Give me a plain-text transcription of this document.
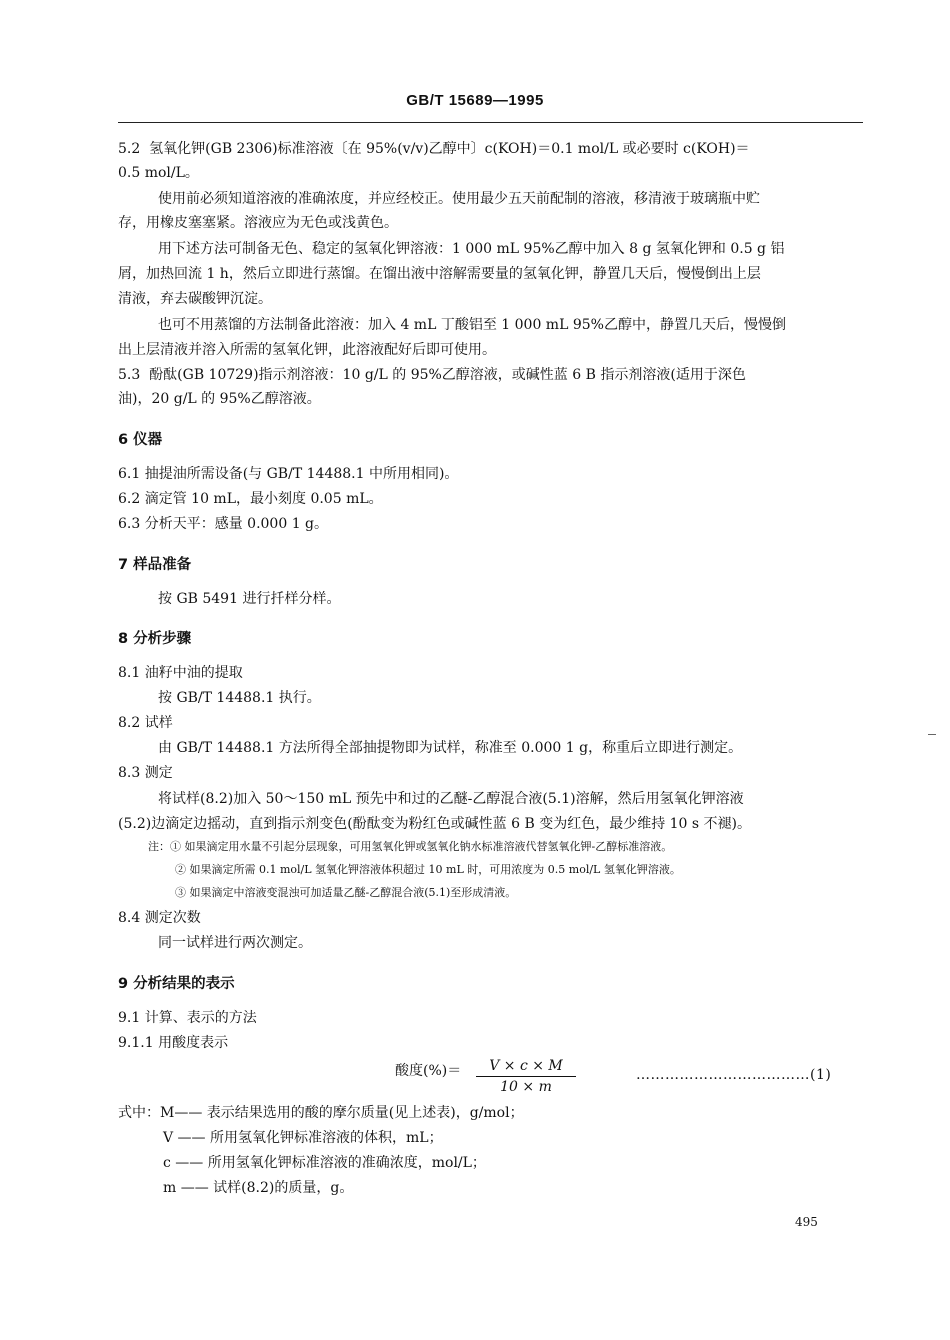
GB/T 15689—1995
5.2 氢氧化钾(GB 2306)标准溶液〔在 95%(v/v)乙醇中〕c(KOH)＝0.1 mol/L 或必要时 c(KOH)＝
0.5 mol/L。
使用前必须知道溶液的准确浓度，并应经校正。使用最少五天前配制的溶液，移清液于玻璃瓶中贮
存，用橡皮塞塞紧。溶液应为无色或浅黄色。
用下述方法可制备无色、稳定的氢氧化钾溶液：1 000 mL 95%乙醇中加入 8 g 氢氧化钾和 0.5 g 铝
屑，加热回流 1 h，然后立即进行蒸馏。在馏出液中溶解需要量的氢氧化钾，静置几天后，慢慢倒出上层
清液，弃去碳酸钾沉淀。
也可不用蒸馏的方法制备此溶液：加入 4 mL 丁酸铝至 1 000 mL 95%乙醇中，静置几天后，慢慢倒
出上层清液并溶入所需的氢氧化钾，此溶液配好后即可使用。
5.3 酚酞(GB 10729)指示剂溶液：10 g/L 的 95%乙醇溶液，或碱性蓝 6 B 指示剂溶液(适用于深色
油)，20 g/L 的 95%乙醇溶液。
6 仪器
6.1 抽提油所需设备(与 GB/T 14488.1 中所用相同)。
6.2 滴定管 10 mL，最小刻度 0.05 mL。
6.3 分析天平：感量 0.000 1 g。
7 样品准备
按 GB 5491 进行扦样分样。
8 分析步骤
8.1 油籽中油的提取
按 GB/T 14488.1 执行。
8.2 试样
由 GB/T 14488.1 方法所得全部抽提物即为试样，称准至 0.000 1 g，称重后立即进行测定。
8.3 测定
将试样(8.2)加入 50～150 mL 预先中和过的乙醚-乙醇混合液(5.1)溶解，然后用氢氧化钾溶液
(5.2)边滴定边摇动，直到指示剂变色(酚酞变为粉红色或碱性蓝 6 B 变为红色，最少维持 10 s 不褪)。
注：① 如果滴定用水量不引起分层现象，可用氢氧化钾或氢氧化钠水标准溶液代替氢氧化钾-乙醇标准溶液。
② 如果滴定所需 0.1 mol/L 氢氧化钾溶液体积超过 10 mL 时，可用浓度为 0.5 mol/L 氢氧化钾溶液。
③ 如果滴定中溶液变混浊可加适量乙醚-乙醇混合液(5.1)至形成清液。
8.4 测定次数
同一试样进行两次测定。
9 分析结果的表示
9.1 计算、表示的方法
9.1.1 用酸度表示
酸度(%)＝	V × c × M
10 × m
………………………………(1)
式中：M—— 表示结果选用的酸的摩尔质量(见上述表)，g/mol；
V —— 所用氢氧化钾标准溶液的体积，mL；
c —— 所用氢氧化钾标准溶液的准确浓度，mol/L；
m —— 试样(8.2)的质量，g。
495
